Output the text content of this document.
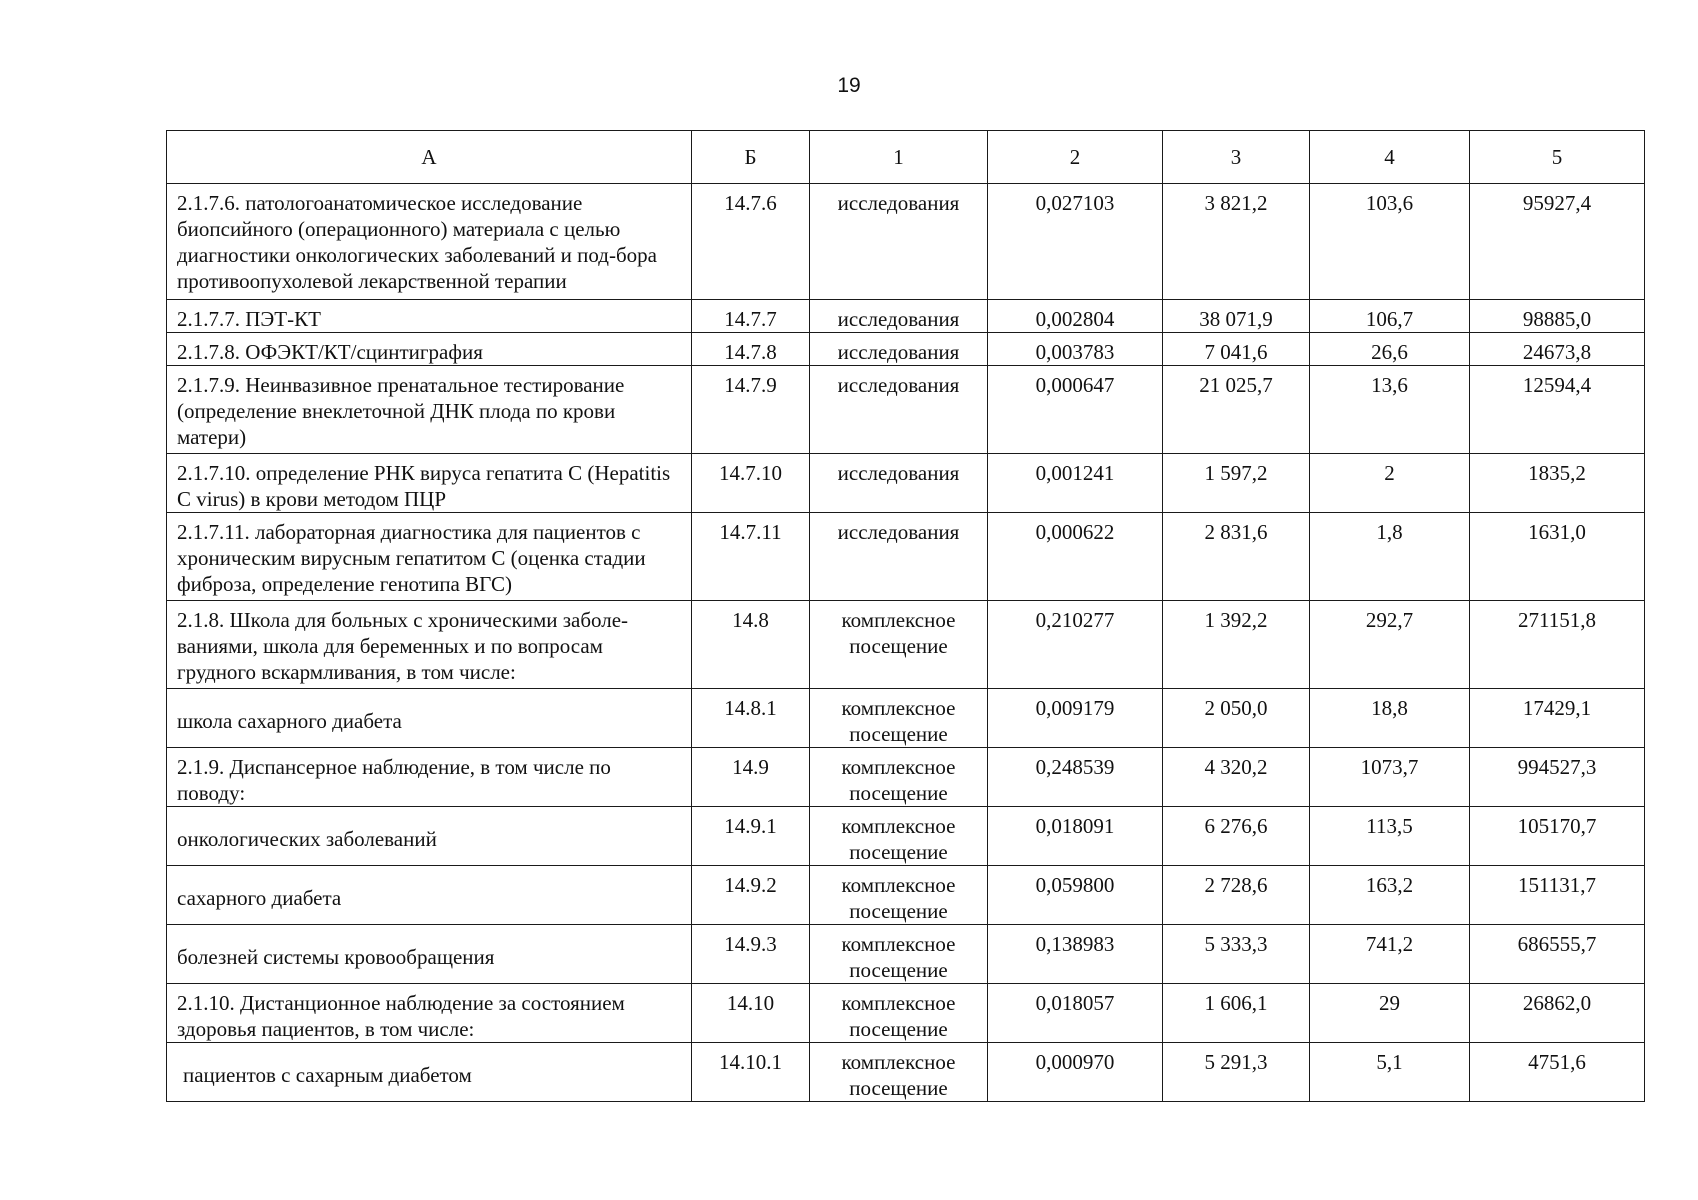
19
А	Б	1	2	3	4	5
2.1.7.6. патологоанатомическое исследование биопсийного (операционного) материала с целью диагностики онкологических заболеваний и под-бора противоопухолевой лекарственной терапии	14.7.6	исследования	0,027103	3 821,2	103,6	95927,4
2.1.7.7. ПЭТ-КТ	14.7.7	исследования	0,002804	38 071,9	106,7	98885,0
2.1.7.8. ОФЭКТ/КТ/сцинтиграфия	14.7.8	исследования	0,003783	7 041,6	26,6	24673,8
2.1.7.9. Неинвазивное пренатальное тестирование (определение внеклеточной ДНК плода по крови матери)	14.7.9	исследования	0,000647	21 025,7	13,6	12594,4
2.1.7.10. определение РНК вируса гепатита С (Hepatitis C virus) в крови методом ПЦР	14.7.10	исследования	0,001241	1 597,2	2	1835,2
2.1.7.11. лабораторная диагностика для пациентов с хроническим вирусным гепатитом С (оценка стадии фиброза, определение генотипа ВГС)	14.7.11	исследования	0,000622	2 831,6	1,8	1631,0
2.1.8. Школа для больных с хроническими заболе-ваниями, школа для беременных и по вопросам грудного вскармливания, в том числе:	14.8	комплексное посещение	0,210277	1 392,2	292,7	271151,8
школа сахарного диабета	14.8.1	комплексное посещение	0,009179	2 050,0	18,8	17429,1
2.1.9. Диспансерное наблюдение, в том числе по поводу:	14.9	комплексное посещение	0,248539	4 320,2	1073,7	994527,3
онкологических заболеваний	14.9.1	комплексное посещение	0,018091	6 276,6	113,5	105170,7
сахарного диабета	14.9.2	комплексное посещение	0,059800	2 728,6	163,2	151131,7
болезней системы кровообращения	14.9.3	комплексное посещение	0,138983	5 333,3	741,2	686555,7
2.1.10. Дистанционное наблюдение за состоянием здоровья пациентов, в том числе:	14.10	комплексное посещение	0,018057	1 606,1	29	26862,0
пациентов с сахарным диабетом	14.10.1	комплексное посещение	0,000970	5 291,3	5,1	4751,6
